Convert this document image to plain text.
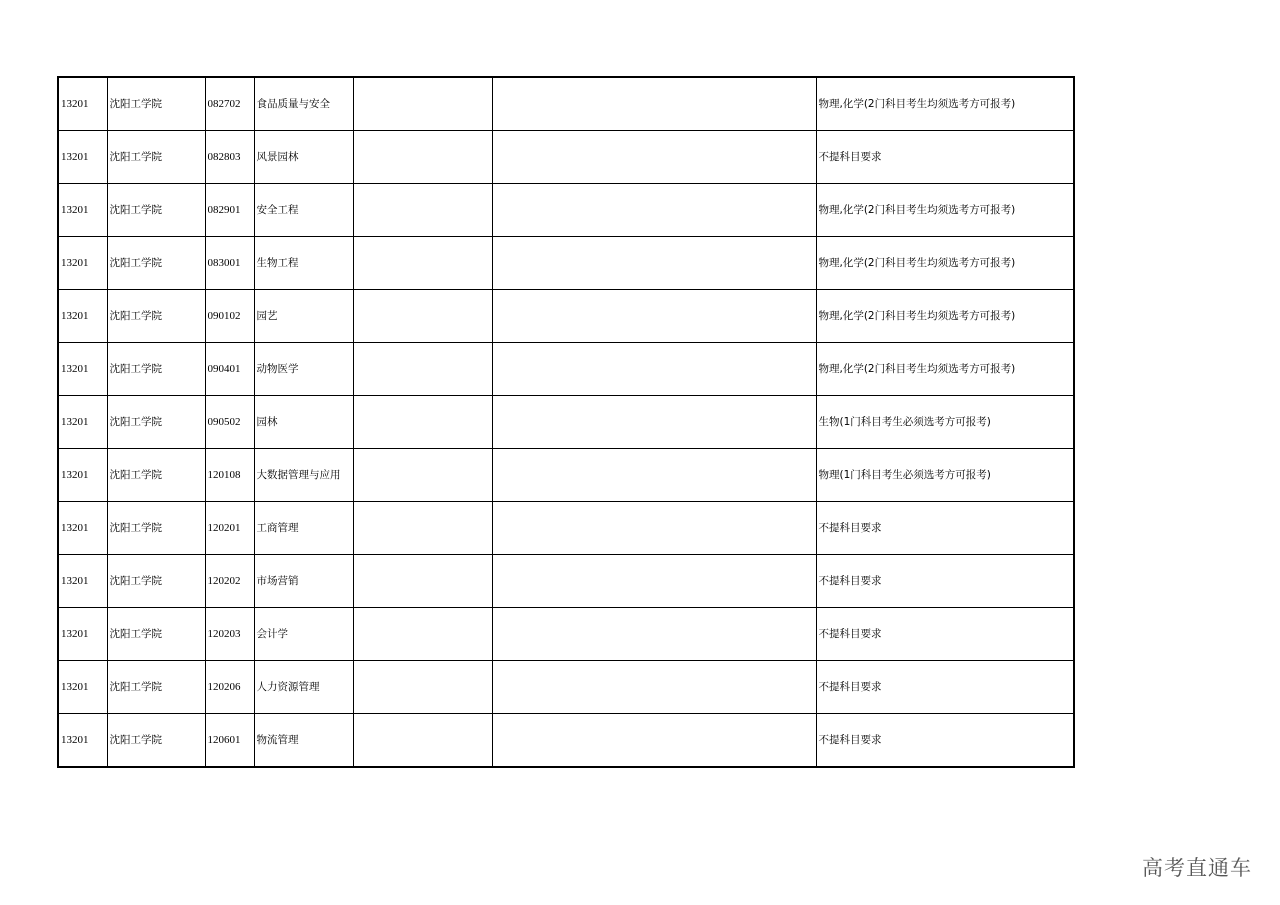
13201	沈阳工学院	082702	食品质量与安全			物理,化学(2门科目考生均须选考方可报考)
13201	沈阳工学院	082803	风景园林			不提科目要求
13201	沈阳工学院	082901	安全工程			物理,化学(2门科目考生均须选考方可报考)
13201	沈阳工学院	083001	生物工程			物理,化学(2门科目考生均须选考方可报考)
13201	沈阳工学院	090102	园艺			物理,化学(2门科目考生均须选考方可报考)
13201	沈阳工学院	090401	动物医学			物理,化学(2门科目考生均须选考方可报考)
13201	沈阳工学院	090502	园林			生物(1门科目考生必须选考方可报考)
13201	沈阳工学院	120108	大数据管理与应用			物理(1门科目考生必须选考方可报考)
13201	沈阳工学院	120201	工商管理			不提科目要求
13201	沈阳工学院	120202	市场营销			不提科目要求
13201	沈阳工学院	120203	会计学			不提科目要求
13201	沈阳工学院	120206	人力资源管理			不提科目要求
13201	沈阳工学院	120601	物流管理			不提科目要求
高考直通车
